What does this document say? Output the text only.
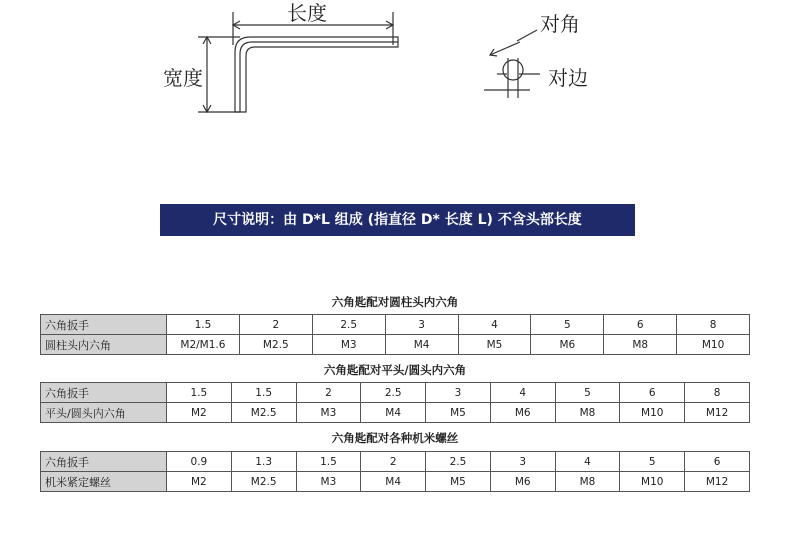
长度
宽度
对角
对边
尺寸说明：由 D*L 组成 (指直径 D* 长度 L) 不含头部长度
六角匙配对圆柱头内六角
六角扳手	1.5	2	2.5	3	4	5	6	8
圆柱头内六角	M2/M1.6	M2.5	M3	M4	M5	M6	M8	M10
六角匙配对平头/圆头内六角
六角扳手	1.5	1.5	2	2.5	3	4	5	6	8
平头/圆头内六角	M2	M2.5	M3	M4	M5	M6	M8	M10	M12
六角匙配对各种机米螺丝
六角扳手	0.9	1.3	1.5	2	2.5	3	4	5	6
机米紧定螺丝	M2	M2.5	M3	M4	M5	M6	M8	M10	M12
